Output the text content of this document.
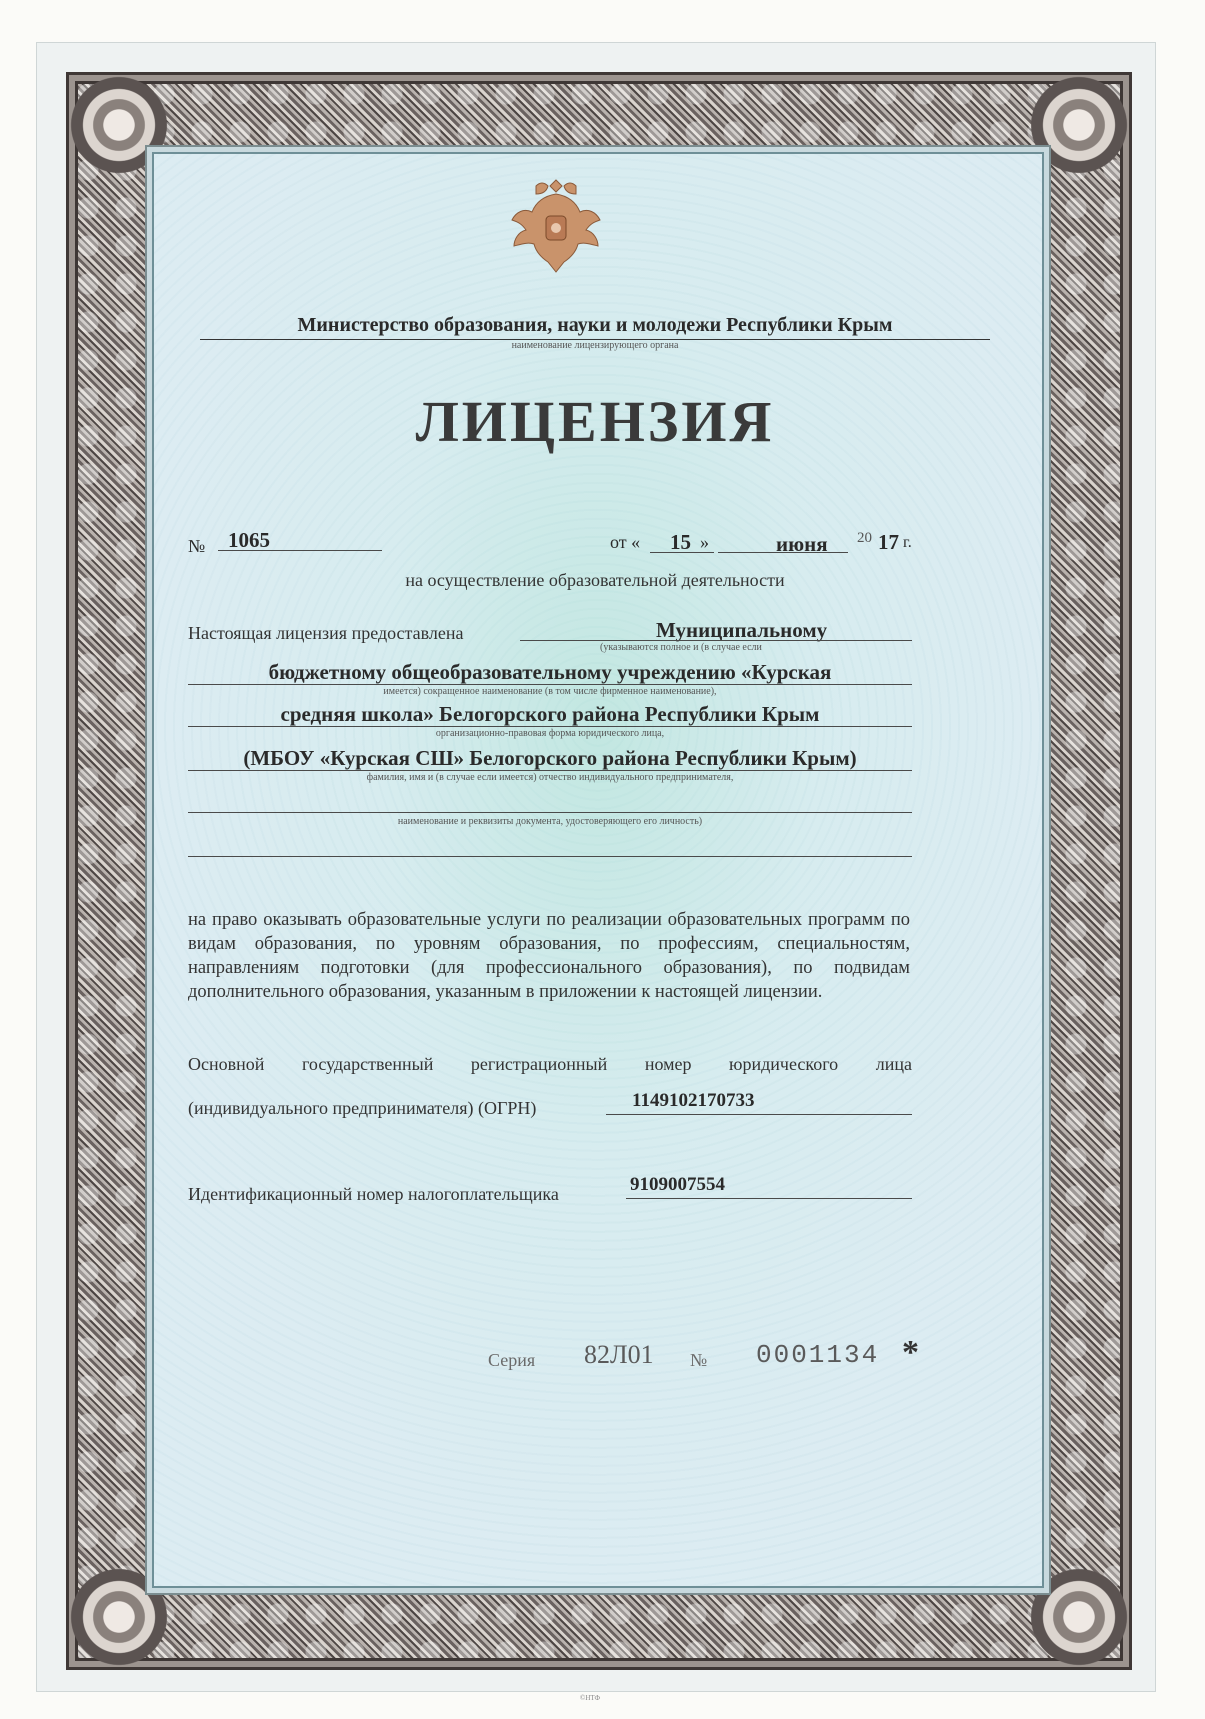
Министерство образования, науки и молодежи Республики Крым
наименование лицензирующего органа
ЛИЦЕНЗИЯ
№ 1065	от « 15 »	июня 20 17 г.
на осуществление образовательной деятельности
Настоящая лицензия предоставлена	Муниципальному
(указываются полное и (в случае если
бюджетному общеобразовательному учреждению «Курская
имеется) сокращенное наименование (в том числе фирменное наименование),
средняя школа» Белогорского района Республики Крым
организационно-правовая форма юридического лица,
(МБОУ «Курская СШ» Белогорского района Республики Крым)
фамилия, имя и (в случае если имеется) отчество индивидуального предпринимателя,
наименование и реквизиты документа, удостоверяющего его личность)
на право оказывать образовательные услуги по реализации образовательных программ по видам образования, по уровням образования, по профессиям, специальностям, направлениям подготовки (для профессионального образования), по подвидам дополнительного образования, указанным в приложении к настоящей лицензии.
Основной государственный регистрационный номер юридического лица
(индивидуального предпринимателя) (ОГРН)	1149102170733
Идентификационный номер налогоплательщика	9109007554
Серия 82Л01 № 0001134 *
©НТФ
